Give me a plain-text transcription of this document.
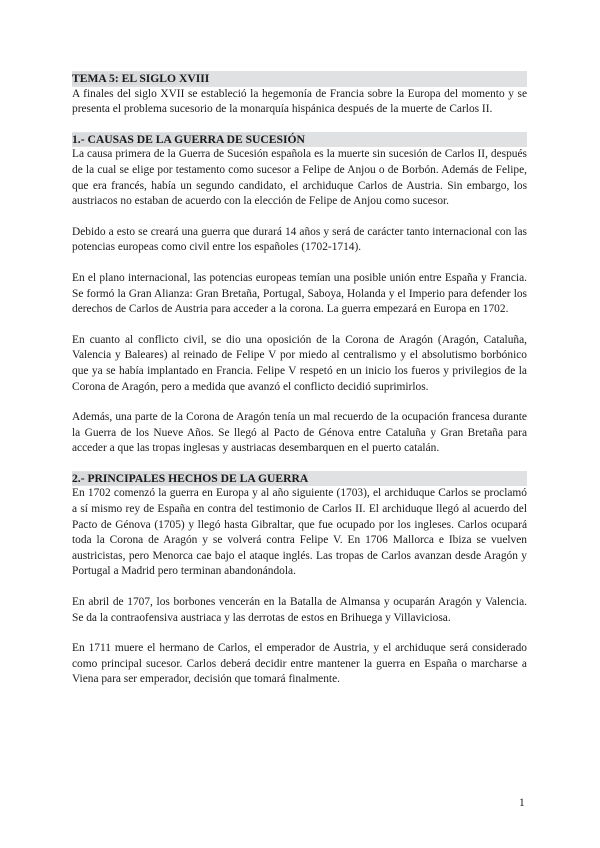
TEMA 5: EL SIGLO XVIII

A finales del siglo XVII se estableció la hegemonía de Francia sobre la Europa del momento y se presenta el problema sucesorio de la monarquía hispánica después de la muerte de Carlos II.

1.- CAUSAS DE LA GUERRA DE SUCESIÓN

La causa primera de la Guerra de Sucesión española es la muerte sin sucesión de Carlos II, después de la cual se elige por testamento como sucesor a Felipe de Anjou o de Borbón. Además de Felipe, que era francés, había un segundo candidato, el archiduque Carlos de Austria. Sin embargo, los austriacos no estaban de acuerdo con la elección de Felipe de Anjou como sucesor.

Debido a esto se creará una guerra que durará 14 años y será de carácter tanto internacional con las potencias europeas como civil entre los españoles (1702-1714).

En el plano internacional, las potencias europeas temían una posible unión entre España y Francia. Se formó la Gran Alianza: Gran Bretaña, Portugal, Saboya, Holanda y el Imperio para defender los derechos de Carlos de Austria para acceder a la corona. La guerra empezará en Europa en 1702.

En cuanto al conflicto civil, se dio una oposición de la Corona de Aragón (Aragón, Cataluña, Valencia y Baleares) al reinado de Felipe V por miedo al centralismo y el absolutismo borbónico que ya se había implantado en Francia. Felipe V respetó en un inicio los fueros y privilegios de la Corona de Aragón, pero a medida que avanzó el conflicto decidió suprimirlos.

Además, una parte de la Corona de Aragón tenía un mal recuerdo de la ocupación francesa durante la Guerra de los Nueve Años. Se llegó al Pacto de Génova entre Cataluña y Gran Bretaña para acceder a que las tropas inglesas y austriacas desembarquen en el puerto catalán.

2.- PRINCIPALES HECHOS DE LA GUERRA

En 1702 comenzó la guerra en Europa y al año siguiente (1703), el archiduque Carlos se proclamó a sí mismo rey de España en contra del testimonio de Carlos II. El archiduque llegó al acuerdo del Pacto de Génova (1705) y llegó hasta Gibraltar, que fue ocupado por los ingleses. Carlos ocupará toda la Corona de Aragón y se volverá contra Felipe V. En 1706 Mallorca e Ibiza se vuelven austricistas, pero Menorca cae bajo el ataque inglés. Las tropas de Carlos avanzan desde Aragón y Portugal a Madrid pero terminan abandonándola.

En abril de 1707, los borbones vencerán en la Batalla de Almansa y ocuparán Aragón y Valencia. Se da la contraofensiva austriaca y las derrotas de estos en Brihuega y Villaviciosa.

En 1711 muere el hermano de Carlos, el emperador de Austria, y el archiduque será considerado como principal sucesor. Carlos deberá decidir entre mantener la guerra en España o marcharse a Viena para ser emperador, decisión que tomará finalmente.

1
